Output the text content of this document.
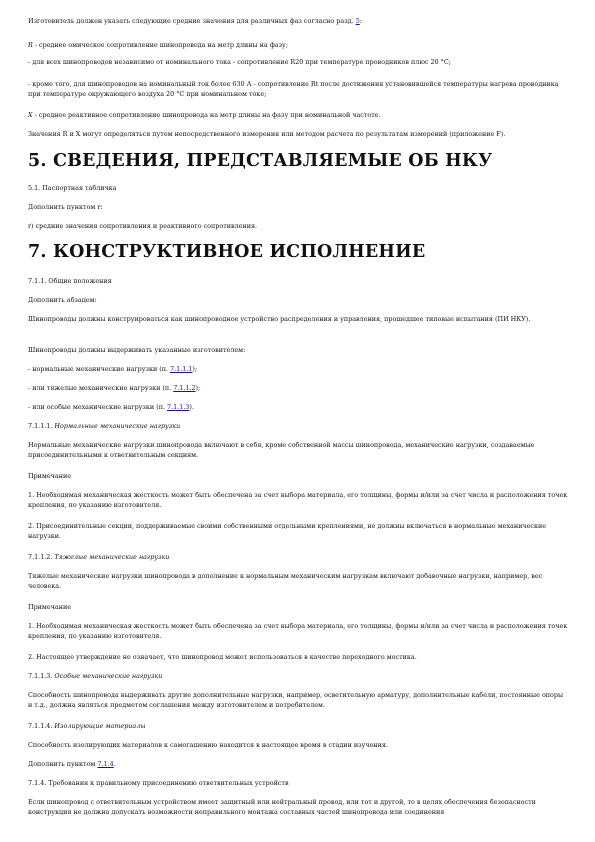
Изготовитель должен указать следующие средние значения для различных фаз согласно разд. 5:
R - среднее омическое сопротивление шинопровода на метр длины на фазу;
- для всех шинопроводов независимо от номинального тока - сопротивление R20 при температуре проводников плюс 20 °С;
- кроме того, для шинопроводов на номинальный ток более 630 А - сопротивление Rt после достижения установившейся температуры нагрева проводника при температуре окружающего воздуха 20 °С при номинальном токе;
X - среднее реактивное сопротивление шинопровода на метр длины на фазу при номинальной частоте.
Значения R и X могут определяться путем непосредственного измерения или методом расчета по результатам измерений (приложение F).
5. СВЕДЕНИЯ, ПРЕДСТАВЛЯЕМЫЕ ОБ НКУ
5.1. Паспортная табличка
Дополнить пунктом r:
r) средние значения сопротивления и реактивного сопротивления.
7. КОНСТРУКТИВНОЕ ИСПОЛНЕНИЕ
7.1.1. Общие положения
Дополнить абзацем:
Шинопроводы должны конструироваться как шинопроводное устройство распределения и управления, прошедшее типовые испытания (ПИ НКУ).
Шинопроводы должны выдерживать указанные изготовителем:
- нормальные механические нагрузки (п. 7.1.1.1);
- или тяжелые механические нагрузки (п. 7.1.1.2);
- или особые механические нагрузки (п. 7.1.1.3).
7.1.1.1. Нормальные механические нагрузки
Нормальные механические нагрузки шинопровода включают в себя, кроме собственной массы шинопровода, механические нагрузки, создаваемые присоединительными к ответвительным секциям.
Примечание
1. Необходимая механическая жесткость может быть обеспечена за счет выбора материала, его толщины, формы и/или за счет числа и расположения точек крепления, по указанию изготовителя.
2. Присоединительные секции, поддерживаемые своими собственными отдельными креплениями, не должны включаться в нормальные механические нагрузки.
7.1.1.2. Тяжелые механические нагрузки
Тяжелые механические нагрузки шинопровода в дополнение к нормальным механическим нагрузкам включают добавочные нагрузки, например, вес человека.
Примечание
1. Необходимая механическая жесткость может быть обеспечена за счет выбора материала, его толщины, формы и/или за счет числа и расположения точек крепления, по указанию изготовителя.
2. Настоящее утверждение не означает, что шинопровод может использоваться в качестве переходного мостика.
7.1.1.3. Особые механические нагрузки
Способность шинопровода выдерживать другие дополнительные нагрузки, например, осветительную арматуру, дополнительные кабели, постоянные опоры и т.д., должна являться предметом соглашения между изготовителем и потребителем.
7.1.1.4. Изолирующие материалы
Способность изолирующих материалов к самогашению находится в настоящее время в стадии изучения.
Дополнить пунктом 7.1.4.
7.1.4. Требования к правильному присоединению ответвительных устройств
Если шинопровод с ответвительным устройством имеет защитный или нейтральный провод, или тот и другой, то в целях обеспечения безопасности конструкция не должна допускать возможности неправильного монтажа составных частей шинопровода или соединения
